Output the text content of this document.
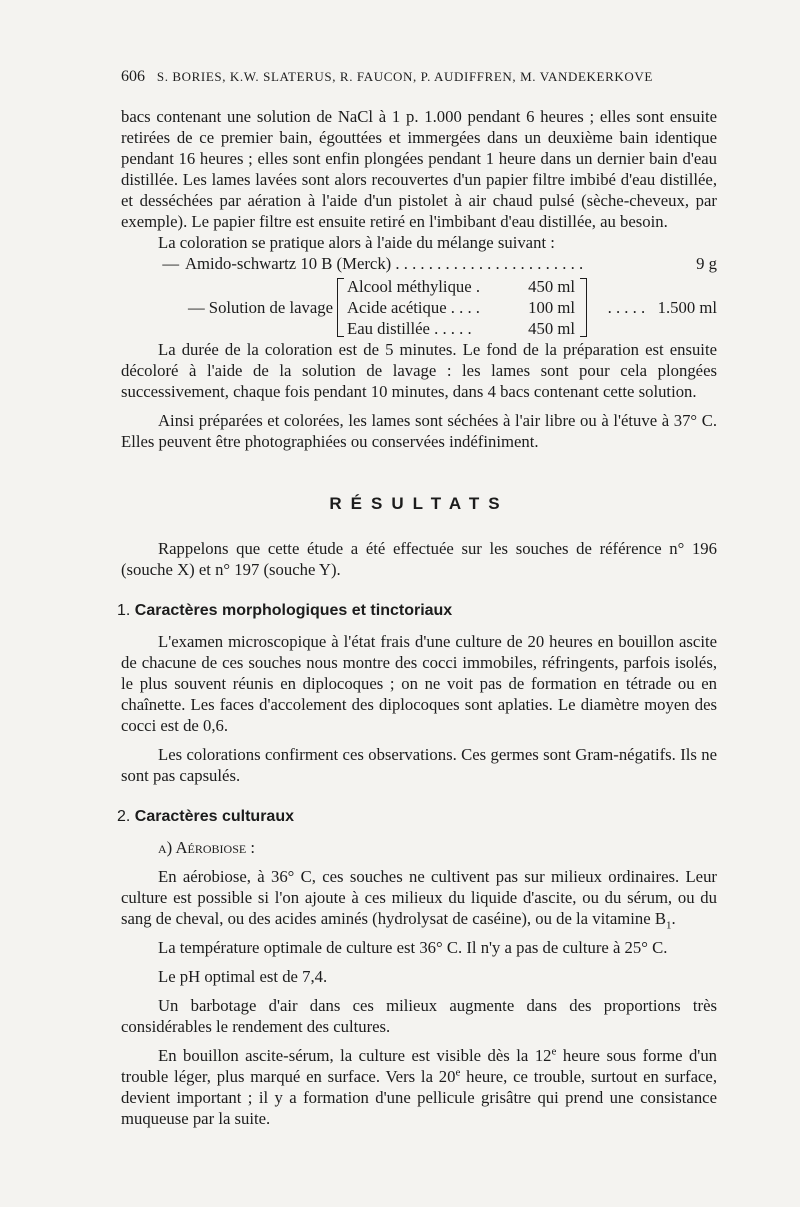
606 S. BORIES, K.W. SLATERUS, R. FAUCON, P. AUDIFFREN, M. VANDEKERKOVE

bacs contenant une solution de NaCl à 1 p. 1.000 pendant 6 heures ; elles sont ensuite retirées de ce premier bain, égouttées et immergées dans un deuxième bain identique pendant 16 heures ; elles sont enfin plongées pendant 1 heure dans un dernier bain d'eau distillée. Les lames lavées sont alors recouvertes d'un papier filtre imbibé d'eau distillée, et desséchées par aération à l'aide d'un pistolet à air chaud pulsé (sèche-cheveux, par exemple). Le papier filtre est ensuite retiré en l'imbibant d'eau distillée, au besoin.

La coloration se pratique alors à l'aide du mélange suivant :

— Amido-schwartz 10 B (Merck) . . . . . . . . . . . . . . . . . . . . . . .	9 g
— Solution de lavage
Alcool méthylique .	450 ml
Acide acétique . . . .	100 ml
Eau distillée . . . . .	450 ml
. . . . .   1.500 ml

La durée de la coloration est de 5 minutes. Le fond de la préparation est ensuite décoloré à l'aide de la solution de lavage : les lames sont pour cela plongées successivement, chaque fois pendant 10 minutes, dans 4 bacs contenant cette solution.

Ainsi préparées et colorées, les lames sont séchées à l'air libre ou à l'étuve à 37° C. Elles peuvent être photographiées ou conservées indéfiniment.

RÉSULTATS

Rappelons que cette étude a été effectuée sur les souches de référence n° 196 (souche X) et n° 197 (souche Y).

1. Caractères morphologiques et tinctoriaux

L'examen microscopique à l'état frais d'une culture de 20 heures en bouillon ascite de chacune de ces souches nous montre des cocci immobiles, réfringents, parfois isolés, le plus souvent réunis en diplocoques ; on ne voit pas de formation en tétrade ou en chaînette. Les faces d'accolement des diplocoques sont aplaties. Le diamètre moyen des cocci est de 0,6.

Les colorations confirment ces observations. Ces germes sont Gram-négatifs. Ils ne sont pas capsulés.

2. Caractères culturaux

a) Aérobiose :

En aérobiose, à 36° C, ces souches ne cultivent pas sur milieux ordinaires. Leur culture est possible si l'on ajoute à ces milieux du liquide d'ascite, ou du sérum, ou du sang de cheval, ou des acides aminés (hydrolysat de caséine), ou de la vitamine $B_1$.

La température optimale de culture est 36° C. Il n'y a pas de culture à 25° C.

Le pH optimal est de 7,4.

Un barbotage d'air dans ces milieux augmente dans des proportions très considérables le rendement des cultures.

En bouillon ascite-sérum, la culture est visible dès la 12e heure sous forme d'un trouble léger, plus marqué en surface. Vers la 20e heure, ce trouble, surtout en surface, devient important ; il y a formation d'une pellicule grisâtre qui prend une consistance muqueuse par la suite.
